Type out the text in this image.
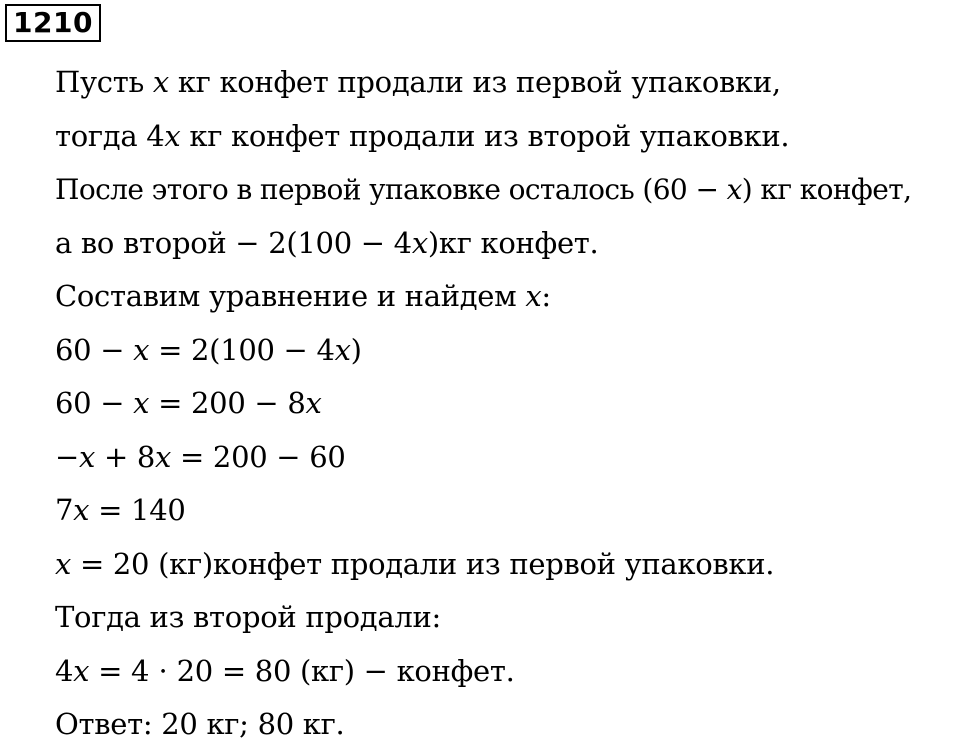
1210
Пусть 𝑥 кг конфет продали из первой упаковки,
тогда 4𝑥 кг конфет продали из второй упаковки.
После этого в первой упаковке осталось (60 − 𝑥) кг конфет,
а во второй − 2(100 − 4𝑥)кг конфет.
Составим уравнение и найдем 𝑥:
60 − 𝑥 = 2(100 − 4𝑥)
60 − 𝑥 = 200 − 8𝑥
−𝑥 + 8𝑥 = 200 − 60
7𝑥 = 140
𝑥 = 20 (кг)конфет продали из первой упаковки.
Тогда из второй продали:
4𝑥 = 4 ⋅ 20 = 80 (кг) − конфет.
Ответ: 20 кг; 80 кг.
